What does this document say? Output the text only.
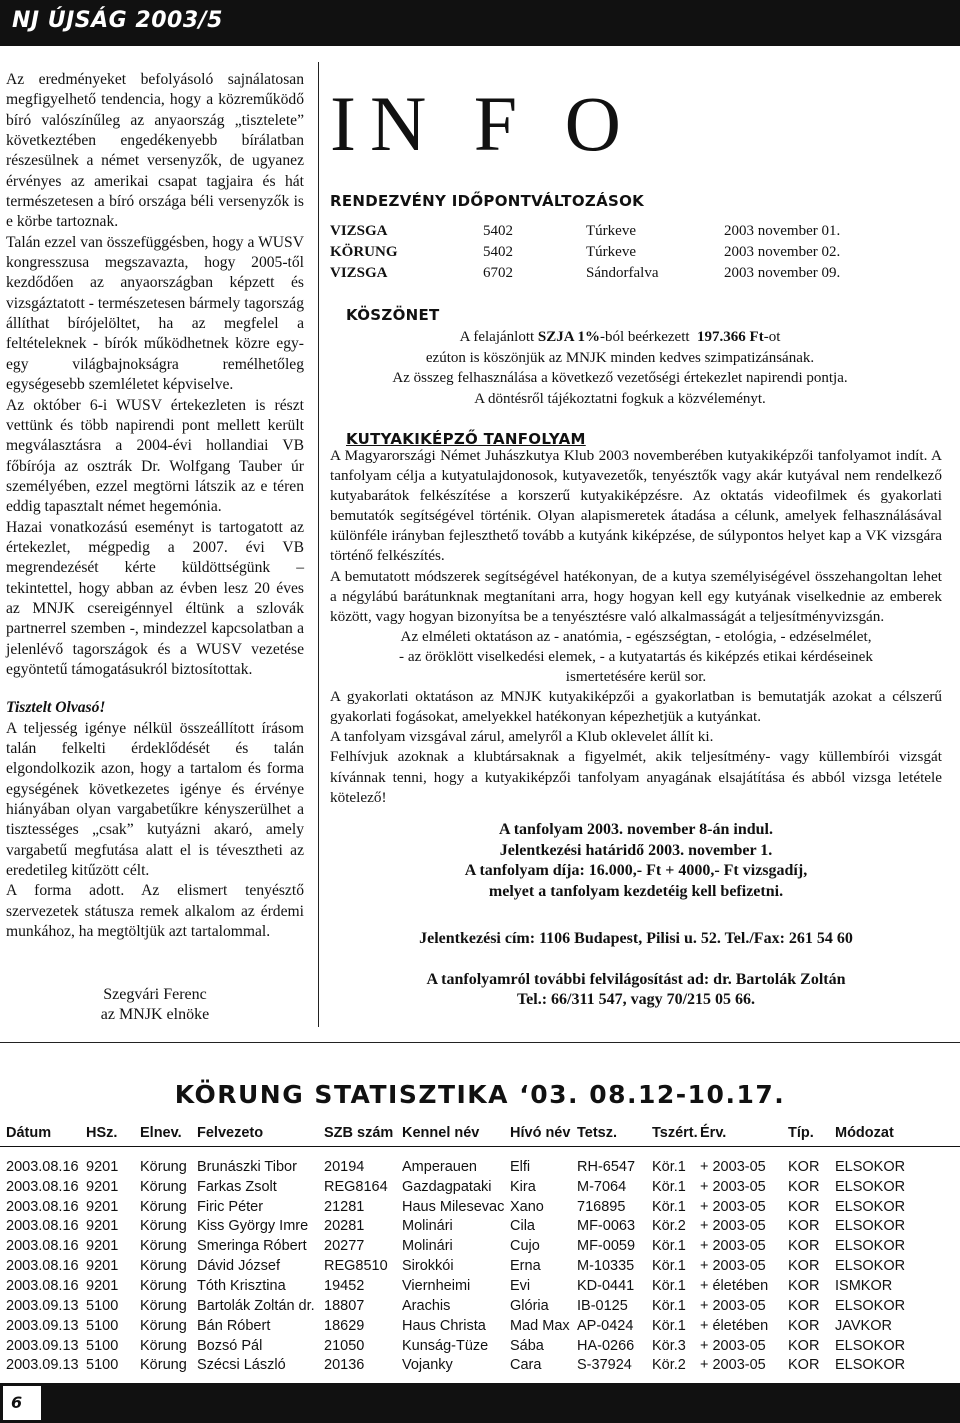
NJ ÚJSÁG 2003/5

Az eredményeket befolyásoló sajnálatosan megfigyelhető tendencia, hogy a közreműködő bíró valószínűleg az anyaország „tiszteleteˮ következtében engedékenyebb bírálatban részesülnek a német versenyzők, de ugyanez érvényes az amerikai csapat tagjaira és hát természetesen a bíró országa béli versenyzők is e körbe tartoznak.

Talán ezzel van összefüggésben, hogy a WUSV kongresszusa megszavazta, hogy 2005-től kezdődően az anyaországban képzett és vizsgáztatott - természetesen bármely tagország állíthat bírójelöltet, ha az megfelel a feltételeknek - bírók működhetnek közre egy-egy világbajnokságra remélhetőleg egységesebb szemléletet képviselve.

Az október 6-i WUSV értekezleten is részt vettünk és több napirendi pont mellett került megválasztásra a 2004-évi hollandiai VB főbírója az osztrák Dr. Wolfgang Tauber úr személyében, ezzel megtörni látszik az e téren eddig tapasztalt német hegemónia.

Hazai vonatkozású eseményt is tartogatott az értekezlet, mégpedig a 2007. évi VB megrendezését kérte küldöttségünk – tekintettel, hogy abban az évben lesz 20 éves az MNJK csereigénnyel éltünk a szlovák partnerrel szemben -, mindezzel kapcsolatban a jelenlévő tagországok és a WUSV vezetése egyöntetű támogatásukról biztosítottak.

Tisztelt Olvasó!

A teljesség igénye nélkül összeállított írásom talán felkelti érdeklődését és talán elgondolkozik azon, hogy a tartalom és forma egységének következetes igénye és érvénye hiányában olyan vargabetűkre kényszerülhet a tisztességes „csakˮ kutyázni akaró, amely vargabetű megfutása alatt el is tévesztheti az eredetileg kitűzött célt.

A forma adott. Az elismert tenyésztő szervezetek státusza remek alkalom az érdemi munkához, ha megtöltjük azt tartalommal.

Szegvári Ferenc
az MNJK elnöke
IN F O
RENDEZVÉNY IDŐPONTVÁLTOZÁSOK
VIZSGA	5402	Túrkeve	2003 november 01.
KÖRUNG	5402	Túrkeve	2003 november 02.
VIZSGA	6702	Sándorfalva	2003 november 09.
KÖSZÖNET
A felajánlott SZJA 1%-ból beérkezett 197.366 Ft-ot
ezúton is köszönjük az MNJK minden kedves szimpatizánsának.
Az összeg felhasználása a következő vezetőségi értekezlet napirendi pontja.
A döntésről tájékoztatni fogkuk a közvéleményt.
KUTYAKIKÉPZŐ TANFOLYAM

A Magyarországi Német Juhászkutya Klub 2003 novemberében kutyakiképzői tanfolyamot indít. A tanfolyam célja a kutyatulajdonosok, kutyavezetők, tenyésztők vagy akár kutyával nem rendelkező kutyabarátok felkészítése a korszerű kutyakiképzésre. Az oktatás videofilmek és gyakorlati bemutatók segítségével történik. Olyan alapismeretek átadása a célunk, amelyek felhasználásával különféle irányban fejleszthető tovább a kutyánk kiképzése, de súlypontos helyet kap a VK vizsgára történő felkészítés.

A bemutatott módszerek segítségével hatékonyan, de a kutya személyiségével összehangoltan lehet a négylábú barátunknak megtanítani arra, hogy hogyan kell egy kutyának viselkednie az emberek között, vagy hogyan bizonyítsa be a tenyésztésre való alkalmasságát a teljesítményvizsgán.

Az elméleti oktatáson az - anatómia, - egészségtan, - etológia, - edzéselmélet,

- az öröklött viselkedési elemek, - a kutyatartás és kiképzés etikai kérdéseinek

ismertetésére kerül sor.

A gyakorlati oktatáson az MNJK kutyakiképzői a gyakorlatban is bemutatják azokat a célszerű gyakorlati fogásokat, amelyekkel hatékonyan képezhetjük a kutyánkat.

A tanfolyam vizsgával zárul, amelyről a Klub oklevelet állít ki.

Felhívjuk azoknak a klubtársaknak a figyelmét, akik teljesítmény- vagy küllembírói vizsgát kívánnak tenni, hogy a kutyakiképzői tanfolyam anyagának elsajátítása és abból vizsga letétele kötelező!

A tanfolyam 2003. november 8-án indul.
Jelentkezési határidő 2003. november 1.
A tanfolyam díja: 16.000,- Ft + 4000,- Ft vizsgadíj,
melyet a tanfolyam kezdetéig kell befizetni.
Jelentkezési cím: 1106 Budapest, Pilisi u. 52. Tel./Fax: 261 54 60
A tanfolyamról további felvilágosítást ad: dr. Bartolák Zoltán
Tel.: 66/311 547, vagy 70/215 05 66.
KÖRUNG STATISZTIKA ‘03. 08.12-10.17.
Dátum	HSz.	Elnev.	Felvezeto	SZB szám	Kennel név	Hívó név	Tetsz.	Tszért.	Érv.	Típ.	Módozat
2003.08.16	9201	Körung	Brunászki Tibor	20194	Amperauen	Elfi	RH-6547	Kör.1	+ 2003-05	KOR	ELSOKOR
2003.08.16	9201	Körung	Farkas Zsolt	REG8164	Gazdagpataki	Kira	M-7064	Kör.1	+ 2003-05	KOR	ELSOKOR
2003.08.16	9201	Körung	Firic Péter	21281	Haus Milesevac	Xano	716895	Kör.1	+ 2003-05	KOR	ELSOKOR
2003.08.16	9201	Körung	Kiss György Imre	20281	Molinári	Cila	MF-0063	Kör.2	+ 2003-05	KOR	ELSOKOR
2003.08.16	9201	Körung	Smeringa Róbert	20277	Molinári	Cujo	MF-0059	Kör.1	+ 2003-05	KOR	ELSOKOR
2003.08.16	9201	Körung	Dávid József	REG8510	Sirokkói	Erna	M-10335	Kör.1	+ 2003-05	KOR	ELSOKOR
2003.08.16	9201	Körung	Tóth Krisztina	19452	Viernheimi	Evi	KD-0441	Kör.1	+ életében	KOR	ISMKOR
2003.09.13	5100	Körung	Bartolák Zoltán dr.	18807	Arachis	Glória	IB-0125	Kör.1	+ 2003-05	KOR	ELSOKOR
2003.09.13	5100	Körung	Bán Róbert	18629	Haus Christa	Mad Max	AP-0424	Kör.1	+ életében	KOR	JAVKOR
2003.09.13	5100	Körung	Bozsó Pál	21050	Kunság-Tüze	Sába	HA-0266	Kör.3	+ 2003-05	KOR	ELSOKOR
2003.09.13	5100	Körung	Szécsi László	20136	Vojanky	Cara	S-37924	Kör.2	+ 2003-05	KOR	ELSOKOR
6
